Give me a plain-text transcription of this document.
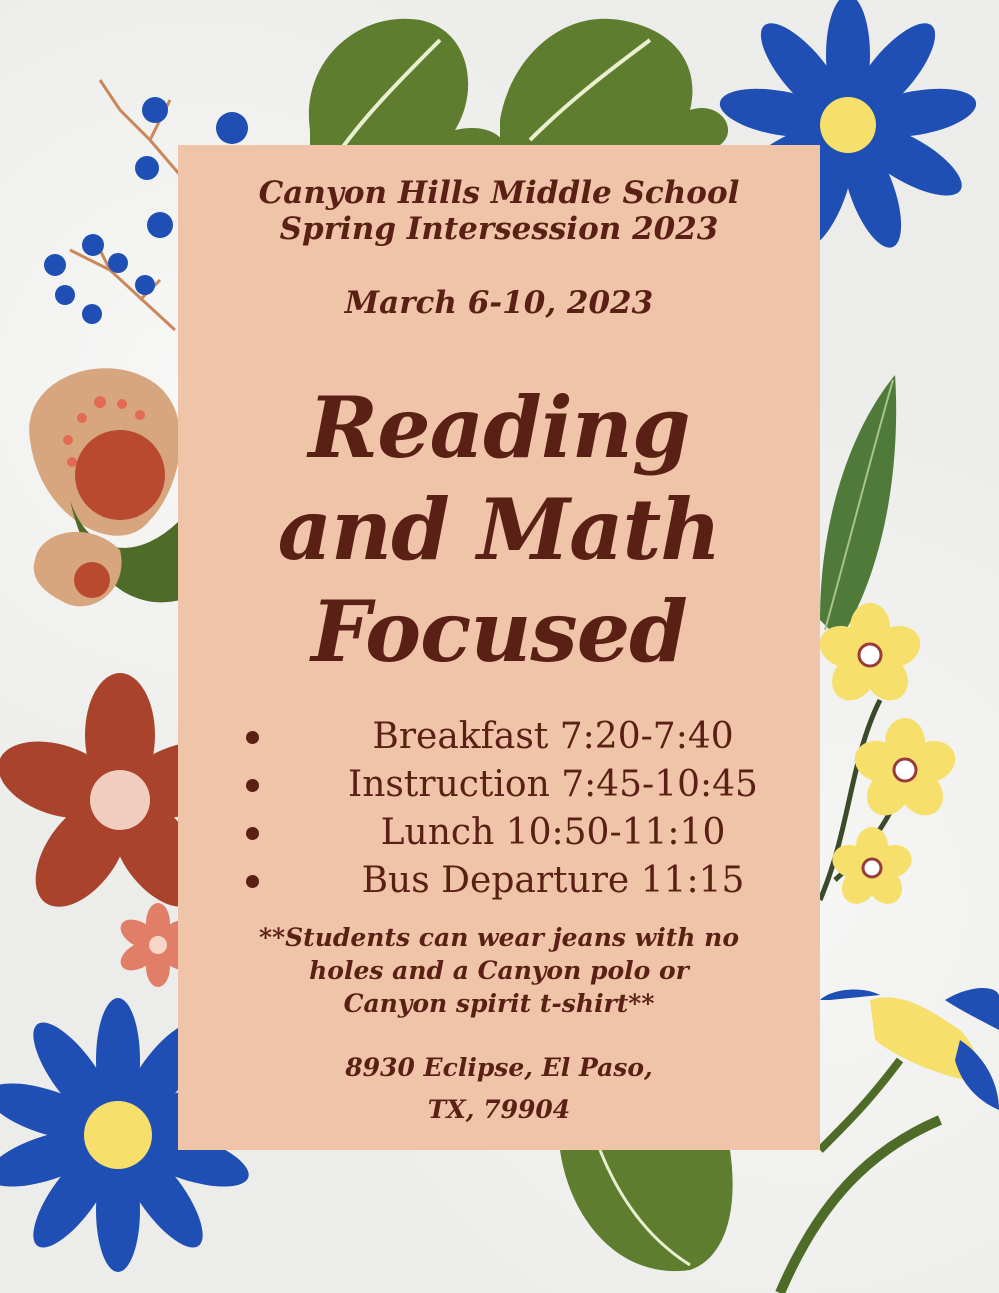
Canyon Hills Middle School
Spring Intersession 2023
March 6-10, 2023
Reading
and Math
Focused
Breakfast 7:20-7:40
Instruction 7:45-10:45
Lunch 10:50-11:10
Bus Departure 11:15
**Students can wear jeans with no
holes and a Canyon polo or
Canyon spirit t-shirt**
8930 Eclipse, El Paso,
TX, 79904
